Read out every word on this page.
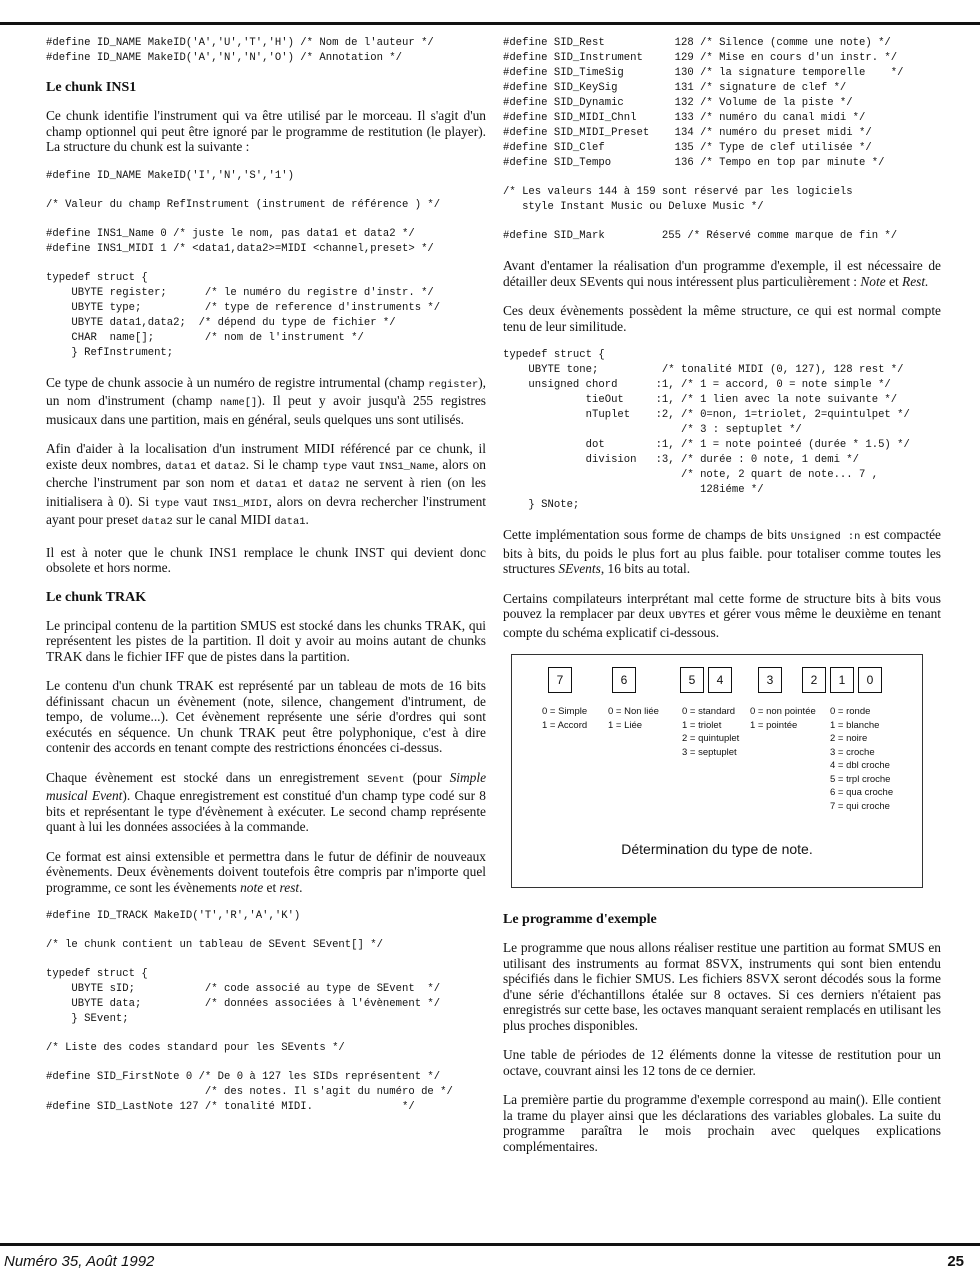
#define ID_NAME MakeID('A','U','T','H') /* Nom de l'auteur */
#define ID_NAME MakeID('A','N','N','O') /* Annotation */
Le chunk INS1

Ce chunk identifie l'instrument qui va être utilisé par le morceau. Il s'agit d'un champ optionnel qui peut être ignoré par le programme de restitution (le player). La structure du chunk est la suivante :

#define ID_NAME MakeID('I','N','S','1')
/* Valeur du champ RefInstrument (instrument de référence ) */
#define INS1_Name 0 /* juste le nom, pas data1 et data2 */
#define INS1_MIDI 1 /* <data1,data2>=MIDI <channel,preset> */
typedef struct {
UBYTE register;      /* le numéro du registre d'instr. */
UBYTE type;          /* type de reference d'instruments */
UBYTE data1,data2;  /* dépend du type de fichier */
CHAR  name[];        /* nom de l'instrument */
} RefInstrument;

Ce type de chunk associe à un numéro de registre intrumental (champ register), un nom d'instrument (champ name[]). Il peut y avoir jusqu'à 255 registres musicaux dans une partition, mais en général, seuls quelques uns sont utilisés.

Afin d'aider à la localisation d'un instrument MIDI référencé par ce chunk, il existe deux nombres, data1 et data2. Si le champ type vaut INS1_Name, alors on cherche l'instrument par son nom et data1 et data2 ne servent à rien (on les initialisera à 0). Si type vaut INS1_MIDI, alors on devra rechercher l'instrument ayant pour preset data2 sur le canal MIDI data1.

Il est à noter que le chunk INS1 remplace le chunk INST qui devient donc obsolete et hors norme.

Le chunk TRAK

Le principal contenu de la partition SMUS est stocké dans les chunks TRAK, qui représentent les pistes de la partition. Il doit y avoir au moins autant de chunks TRAK dans le fichier IFF que de pistes dans la partition.

Le contenu d'un chunk TRAK est représenté par un tableau de mots de 16 bits définissant chacun un évènement (note, silence, changement d'intrument, de tempo, de volume...). Cet évènement représente une série d'ordres qui sont exécutés en séquence. Un chunk TRAK peut être polyphonique, c'est à dire contenir des accords en tenant compte des restrictions énoncées ci-dessus.

Chaque évènement est stocké dans un enregistrement SEvent (pour Simple musical Event). Chaque enregistrement est constitué d'un champ type codé sur 8 bits et représentant le type d'évènement à exécuter. Le second champ représente quant à lui les données associées à la commande.

Ce format est ainsi extensible et permettra dans le futur de définir de nouveaux évènements. Deux évènements doivent toutefois être compris par n'importe quel programme, ce sont les évènements note et rest.

#define ID_TRACK MakeID('T','R','A','K')
/* le chunk contient un tableau de SEvent SEvent[] */
typedef struct {
UBYTE sID;           /* code associé au type de SEvent  */
UBYTE data;          /* données associées à l'évènement */
} SEvent;
/* Liste des codes standard pour les SEvents */
#define SID_FirstNote 0 /* De 0 à 127 les SIDs représentent */
/* des notes. Il s'agit du numéro de */
#define SID_LastNote 127 /* tonalité MIDI.              */
#define SID_Rest           128 /* Silence (comme une note) */
#define SID_Instrument     129 /* Mise en cours d'un instr. */
#define SID_TimeSig        130 /* la signature temporelle    */
#define SID_KeySig         131 /* signature de clef */
#define SID_Dynamic        132 /* Volume de la piste */
#define SID_MIDI_Chnl      133 /* numéro du canal midi */
#define SID_MIDI_Preset    134 /* numéro du preset midi */
#define SID_Clef           135 /* Type de clef utilisée */
#define SID_Tempo          136 /* Tempo en top par minute */
/* Les valeurs 144 à 159 sont réservé par les logiciels
style Instant Music ou Deluxe Music */
#define SID_Mark         255 /* Réservé comme marque de fin */

Avant d'entamer la réalisation d'un programme d'exemple, il est nécessaire de détailler deux SEvents qui nous intéressent plus particulièrement : Note et Rest.

Ces deux évènements possèdent la même structure, ce qui est normal compte tenu de leur similitude.

typedef struct {
UBYTE tone;          /* tonalité MIDI (0, 127), 128 rest */
unsigned chord      :1, /* 1 = accord, 0 = note simple */
tieOut     :1, /* 1 lien avec la note suivante */
nTuplet    :2, /* 0=non, 1=triolet, 2=quintulpet */
/* 3 : septuplet */
dot        :1, /* 1 = note pointeé (durée * 1.5) */
division   :3, /* durée : 0 note, 1 demi */
/* note, 2 quart de note... 7 ,
128iéme */
} SNote;

Cette implémentation sous forme de champs de bits Unsigned :n est compactée bits à bits, du poids le plus fort au plus faible. pour totaliser comme toutes les structures SEvents, 16 bits au total.

Certains compilateurs interprétant mal cette forme de structure bits à bits vous pouvez la remplacer par deux UBYTEs et gérer vous même le deuxième en tenant compte du schéma explicatif ci-dessous.

7	6	5	4	3	2	1	0
0 = Simple
1 = Accord
0 = Non liée
1 = Liée
0 = standard
1 = triolet
2 = quintuplet
3 = septuplet
0 = non pointée
1 = pointée
0 = ronde
1 = blanche
2 = noire
3 = croche
4 = dbl croche
5 = trpl croche
6 = qua croche
7 = qui croche
Détermination du type de note.
Le programme d'exemple

Le programme que nous allons réaliser restitue une partition au format SMUS en utilisant des instruments au format 8SVX, instruments qui sont bien entendu spécifiés dans le fichier SMUS. Les fichiers 8SVX seront décodés sous la forme d'une série d'échantillons étalée sur 8 octaves. Si ces derniers n'étaient pas enregistrés sur cette base, les octaves manquant seraient remplacés en utilisant les plus proches disponibles.

Une table de périodes de 12 éléments donne la vitesse de restitution pour un octave, couvrant ainsi les 12 tons de ce dernier.

La première partie du programme d'exemple correspond au main(). Elle contient la trame du player ainsi que les déclarations des variables globales. La suite du programme paraîtra le mois prochain avec quelques explications complémentaires.

Numéro 35, Août 1992	25
